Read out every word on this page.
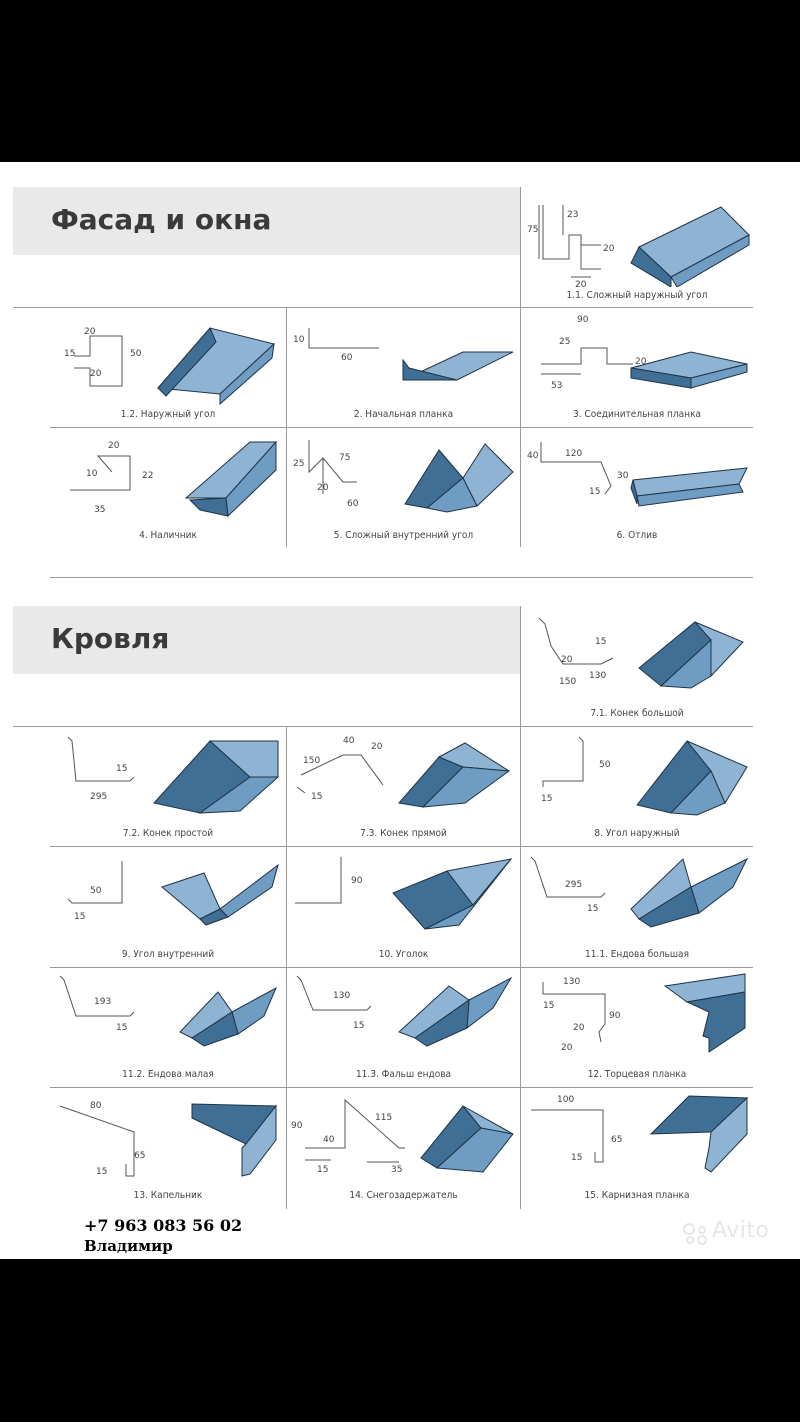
Фасад и окна
Кровля
75
23
20
20
1.1. Сложный наружный угол
20
50
15
20
1.2. Наружный угол
10
60
2. Начальная планка
90
25
20
53
3. Соединительная планка
20
10	22
35
4. Наличник
25
75
20
60
5. Сложный внутренний угол
40	120
30
15
6. Отлив
15
20
150
130
7.1. Конек большой
15
295
7.2. Конек простой
40
20
150
15
7.3. Конек прямой
50
15
8. Угол наружный
50
15
9. Угол внутренний
90
10. Уголок
295
15
11.1. Ендова большая
193
15
11.2. Ендова малая
130
15
11.3. Фальш ендова
130
15
90
20
20
12. Торцевая планка
80
65
15
13. Капельник
115
90
40
15	35
14. Снегозадержатель
100
65
15
15. Карнизная планка
+7 963 083 56 02
Владимир
Avito
